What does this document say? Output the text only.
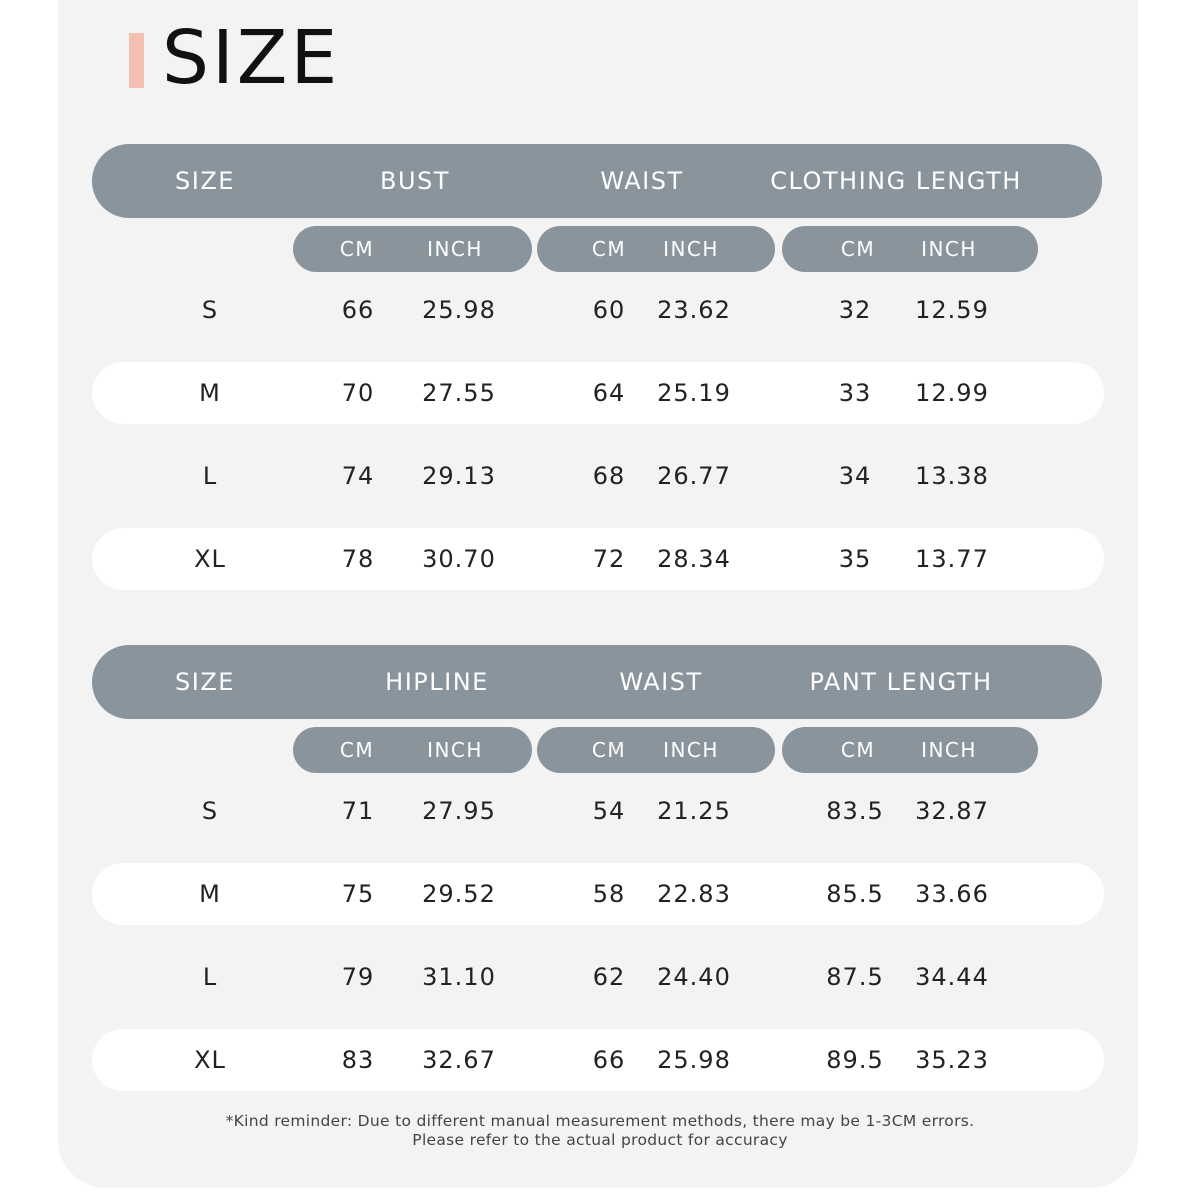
SIZE
SIZE	BUST	WAIST	CLOTHING LENGTH
CM	INCH	CM INCH	CM INCH
S	66 25.98	60 23.62	32 12.59
M	70 27.55	64 25.19	33 12.99
L	74 29.13	68 26.77	34 13.38
XL	78 30.70	72 28.34	35 13.77
SIZE	HIPLINE	WAIST	PANT LENGTH
CM	INCH	CM INCH	CM INCH
S	71 27.95	54 21.25	83.5 32.87
M	75 29.52	58 22.83	85.5 33.66
L	79 31.10	62 24.40	87.5 34.44
XL	83 32.67	66 25.98	89.5 35.23
*Kind reminder: Due to different manual measurement methods, there may be 1-3CM errors.
Please refer to the actual product for accuracy
